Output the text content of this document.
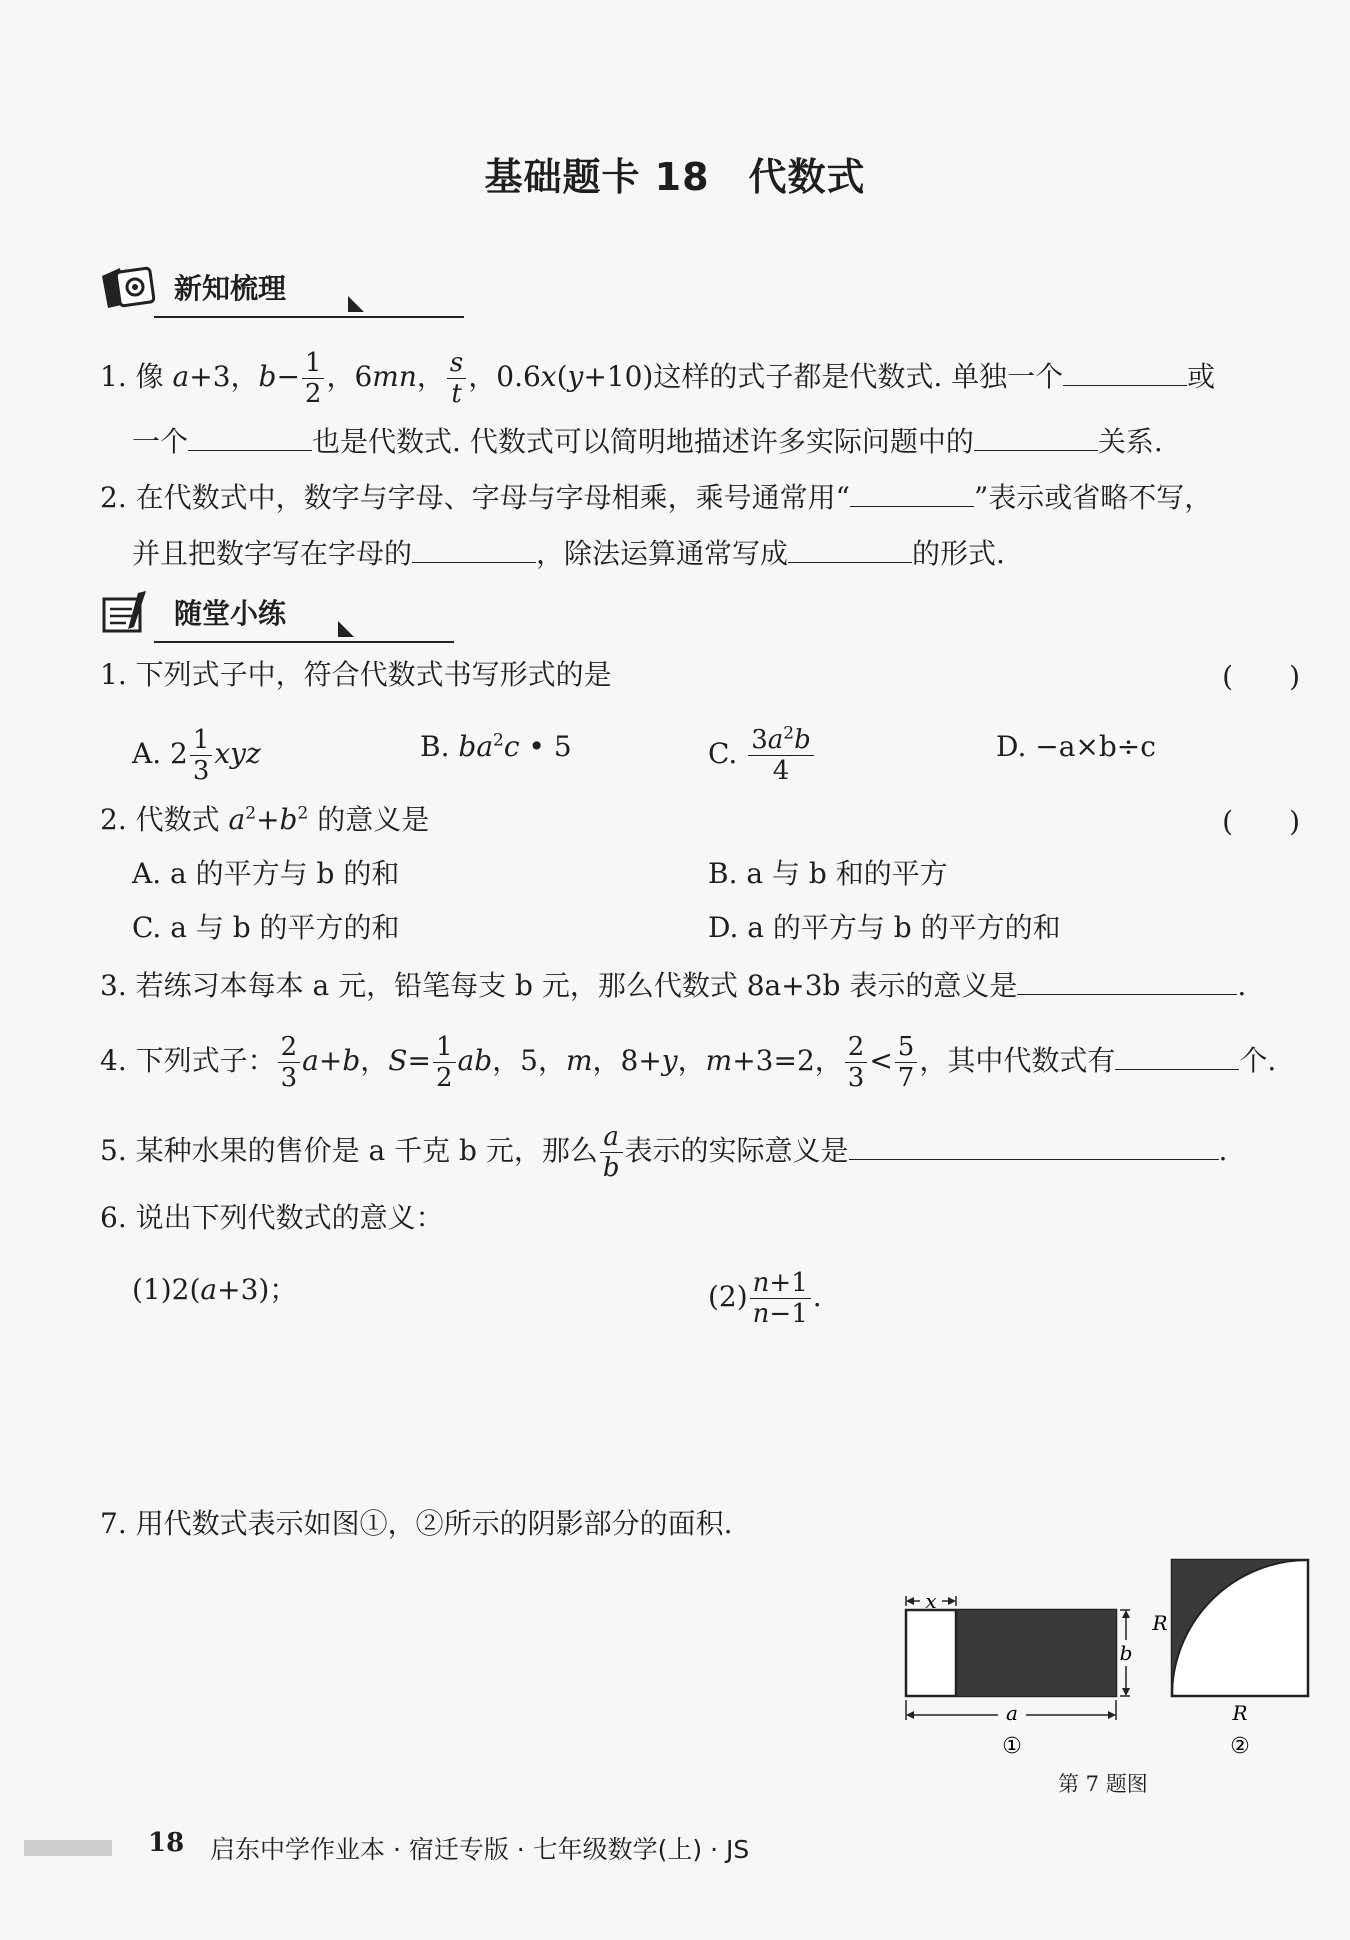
基础题卡 18　代数式
新知梳理
1. 像 a+3，$b- \frac{1}{2}$ ，6mn， $\frac{s}{t}$ ，0.6x(y+10)这样的式子都是代数式. 单独一个	或
一个	也是代数式. 代数式可以简明地描述许多实际问题中的	关系.
2. 在代数式中，数字与字母、字母与字母相乘，乘号通常用“	”表示或省略不写，
并且把数字写在字母的	，除法运算通常写成	的形式.
随堂小练
1. 下列式子中，符合代数式书写形式的是	(　　)
A. $2 \frac{1}{3}$ xyz	B. $ba^2c$ • 5	C. $\frac{3a^2b}{4}$	D. −a×b÷c
2. 代数式 $a^2+b^2$ 的意义是	(　　)
A. a 的平方与 b 的和	B. a 与 b 和的平方
C. a 与 b 的平方的和	D. a 的平方与 b 的平方的和
3. 若练习本每本 a 元，铅笔每支 b 元，那么代数式 8a+3b 表示的意义是	.
4. 下列式子： $\frac{2}{3} a+b$，$S= \frac{1}{2}$ ab，5，m，8+y，m+3=2， $\frac{2}{3} < \frac{5}{7}$ ，其中代数式有	个.
5. 某种水果的售价是 a 千克 b 元，那么 $\frac{a}{b}$ 表示的实际意义是	.
6. 说出下列代数式的意义：
(1)2(a+3)；	$(2) \frac{n+1}{n-1}$ .
7. 用代数式表示如图①，②所示的阴影部分的面积.
x
b
a
①
R
R
②
第 7 题图
18 启东中学作业本 · 宿迁专版 · 七年级数学(上) · JS
